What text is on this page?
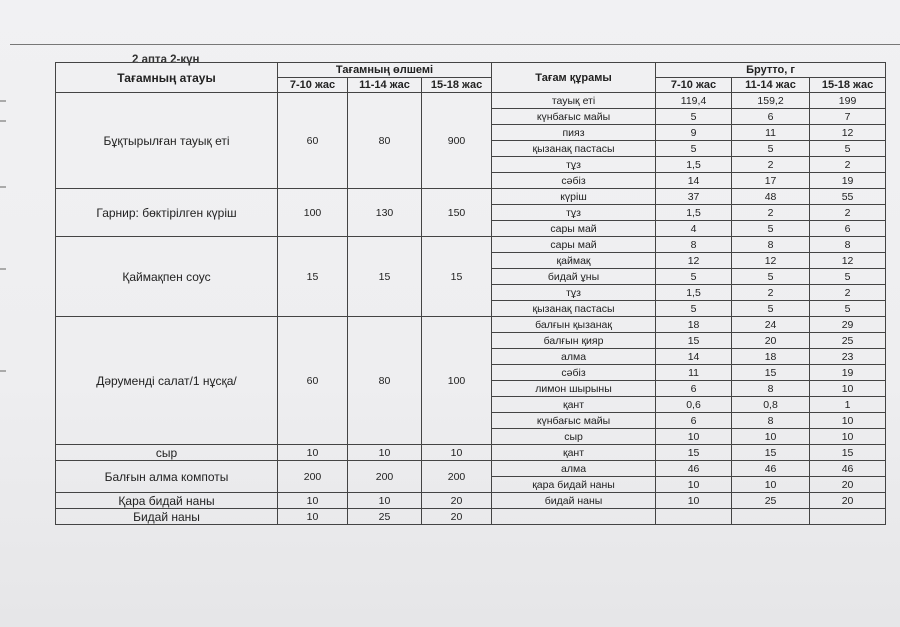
2 апта 2-күн
Тағамның атауы	Тағамның өлшемі			Тағам құрамы	Брутто, г		
	7-10 жас	11-14 жас	15-18 жас		7-10 жас	11-14 жас	15-18 жас
Бұқтырылған тауық еті	60	80	900	тауық еті	119,4	159,2	199
				күнбағыс майы	5	6	7
				пияз	9	11	12
				қызанақ пастасы	5	5	5
				тұз	1,5	2	2
				сәбіз	14	17	19
Гарнир: бөктірілген күріш	100	130	150	күріш	37	48	55
				тұз	1,5	2	2
				сары май	4	5	6
Қаймақпен соус	15	15	15	сары май	8	8	8
				қаймақ	12	12	12
				бидай ұны	5	5	5
				тұз	1,5	2	2
				қызанақ пастасы	5	5	5
Дәруменді салат/1 нұсқа/	60	80	100	балғын қызанақ	18	24	29
				балғын қияр	15	20	25
				алма	14	18	23
				сәбіз	11	15	19
				лимон шырыны	6	8	10
				қант	0,6	0,8	1
				күнбағыс майы	6	8	10
				сыр	10	10	10
сыр	10	10	10	қант	15	15	15
Балғын алма компоты	200	200	200	алма	46	46	46
				қара бидай наны	10	10	20
Қара бидай наны	10	10	20	бидай наны	10	25	20
Бидай наны	10	25	20				
